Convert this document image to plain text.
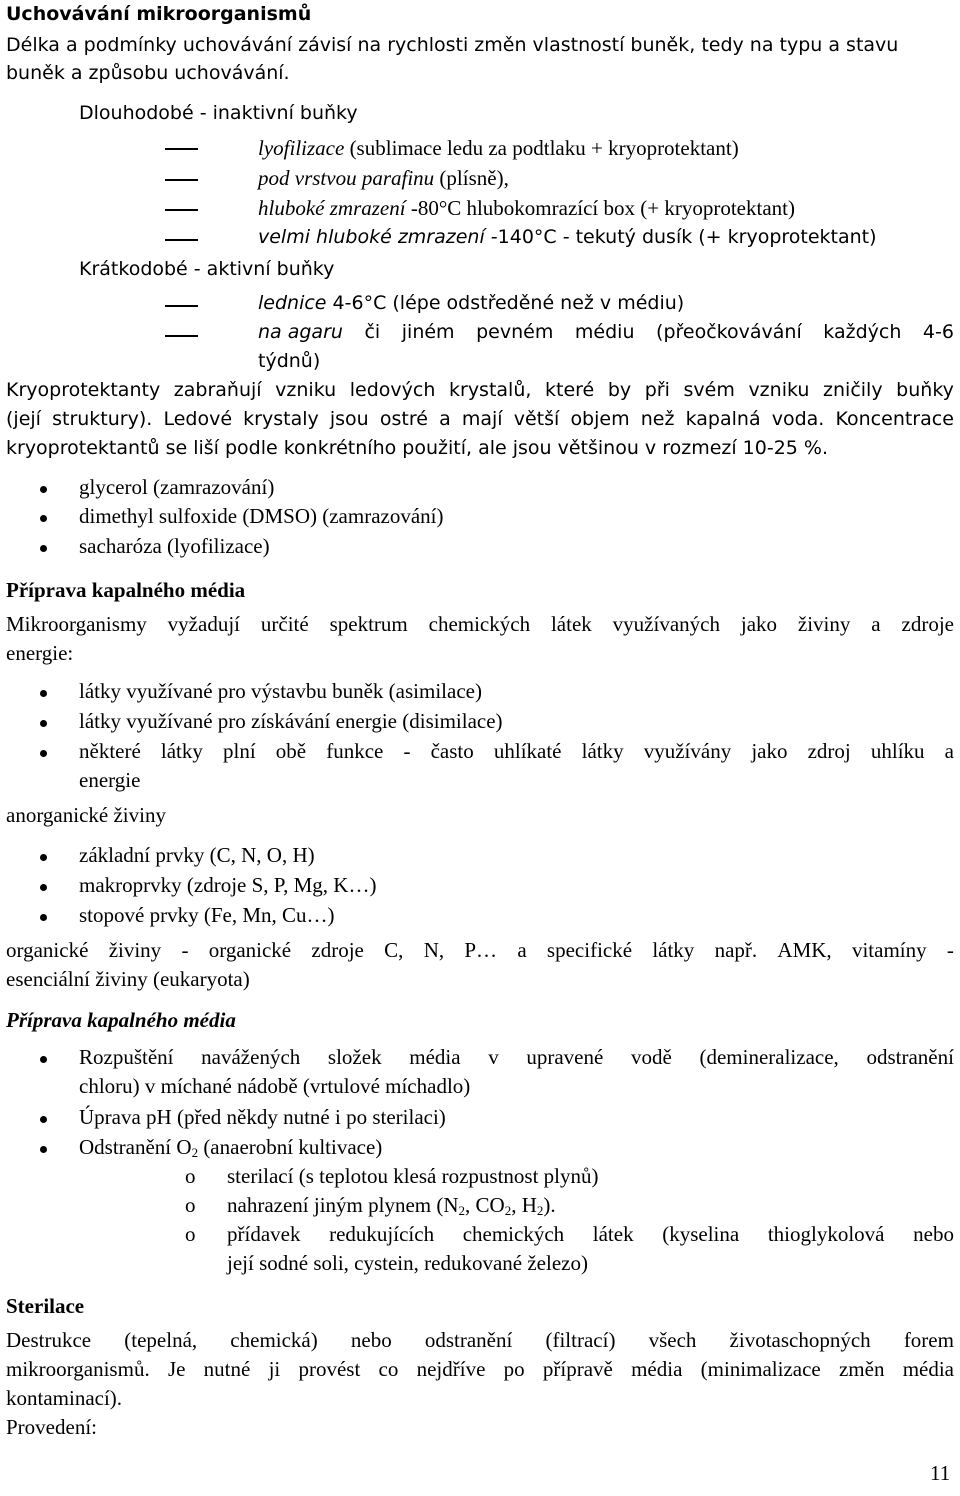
Uchovávání mikroorganismů
Délka a podmínky uchovávání závisí na rychlosti změn vlastností buněk, tedy na typu a stavu
buněk a způsobu uchovávání.
Dlouhodobé - inaktivní buňky
lyofilizace (sublimace ledu za podtlaku + kryoprotektant)
pod vrstvou parafinu (plísně),
hluboké zmrazení -80°C hlubokomrazící box (+ kryoprotektant)
velmi hluboké zmrazení -140°C - tekutý dusík (+ kryoprotektant)
Krátkodobé - aktivní buňky
lednice 4-6°C (lépe odstředěné než v médiu)
na agaru či jiném pevném médiu (přeočkovávání každých 4-6
týdnů)
Kryoprotektanty zabraňují vzniku ledových krystalů, které by při svém vzniku zničily buňky
(její struktury). Ledové krystaly jsou ostré a mají větší objem než kapalná voda. Koncentrace
kryoprotektantů se liší podle konkrétního použití, ale jsou většinou v rozmezí 10-25 %.
glycerol (zamrazování)
dimethyl sulfoxide (DMSO) (zamrazování)
sacharóza (lyofilizace)
Příprava kapalného média
Mikroorganismy vyžadují určité spektrum chemických látek využívaných jako živiny a zdroje
energie:
látky využívané pro výstavbu buněk (asimilace)
látky využívané pro získávání energie (disimilace)
některé látky plní obě funkce - často uhlíkaté látky využívány jako zdroj uhlíku a
energie
anorganické živiny
základní prvky (C, N, O, H)
makroprvky (zdroje S, P, Mg, K…)
stopové prvky (Fe, Mn, Cu…)
organické živiny - organické zdroje C, N, P… a specifické látky např. AMK, vitamíny -
esenciální živiny (eukaryota)
Příprava kapalného média
Rozpuštění navážených složek média v upravené vodě (demineralizace, odstranění
chloru) v míchané nádobě (vrtulové míchadlo)
Úprava pH (před někdy nutné i po sterilaci)
Odstranění $O_2$ (anaerobní kultivace)
o sterilací (s teplotou klesá rozpustnost plynů)
o nahrazení jiným plynem ($N_2$, $CO_2$, $H_2$).
o přídavek redukujících chemických látek (kyselina thioglykolová nebo
její sodné soli, cystein, redukované železo)
Sterilace
Destrukce (tepelná, chemická) nebo odstranění (filtrací) všech životaschopných forem
mikroorganismů. Je nutné ji provést co nejdříve po přípravě média (minimalizace změn média
kontaminací).
Provedení:
11
